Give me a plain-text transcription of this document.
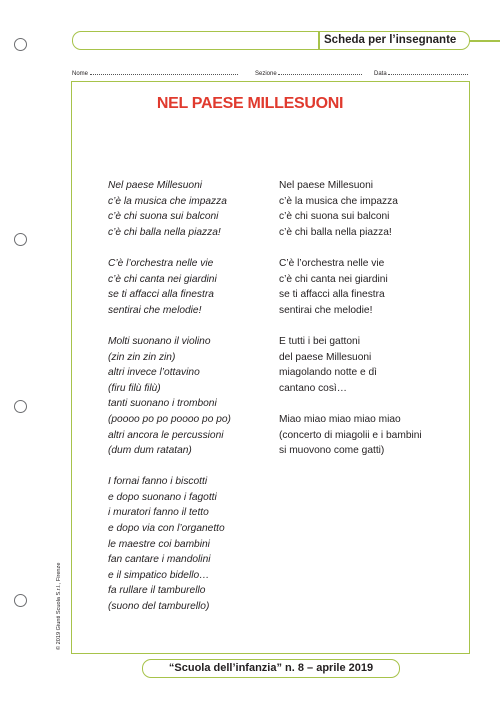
Scheda per l’insegnante
Nome	Sezione	Data
NEL PAESE MILLESUONI
Nel paese Millesuoni
c’è la musica che impazza
c’è chi suona sui balconi
c’è chi balla nella piazza!
C’è l’orchestra nelle vie
c’è chi canta nei giardini
se ti affacci alla finestra
sentirai che melodie!
Molti suonano il violino
(zin zin zin zin)
altri invece l’ottavino
(firu filù filù)
tanti suonano i tromboni
(poooo po po poooo po po)
altri ancora le percussioni
(dum dum ratatan)
I fornai fanno i biscotti
e dopo suonano i fagotti
i muratori fanno il tetto
e dopo via con l’organetto
le maestre coi bambini
fan cantare i mandolini
e il simpatico bidello…
fa rullare il tamburello
(suono del tamburello)
Nel paese Millesuoni
c’è la musica che impazza
c’è chi suona sui balconi
c’è chi balla nella piazza!
C’è l’orchestra nelle vie
c’è chi canta nei giardini
se ti affacci alla finestra
sentirai che melodie!
E tutti i bei gattoni
del paese Millesuoni
miagolando notte e dì
cantano così…
Miao miao miao miao miao
(concerto di miagolii e i bambini
si muovono come gatti)
© 2019 Giunti Scuola S.r.l., Firenze
“Scuola dell’infanzia” n. 8 – aprile 2019
